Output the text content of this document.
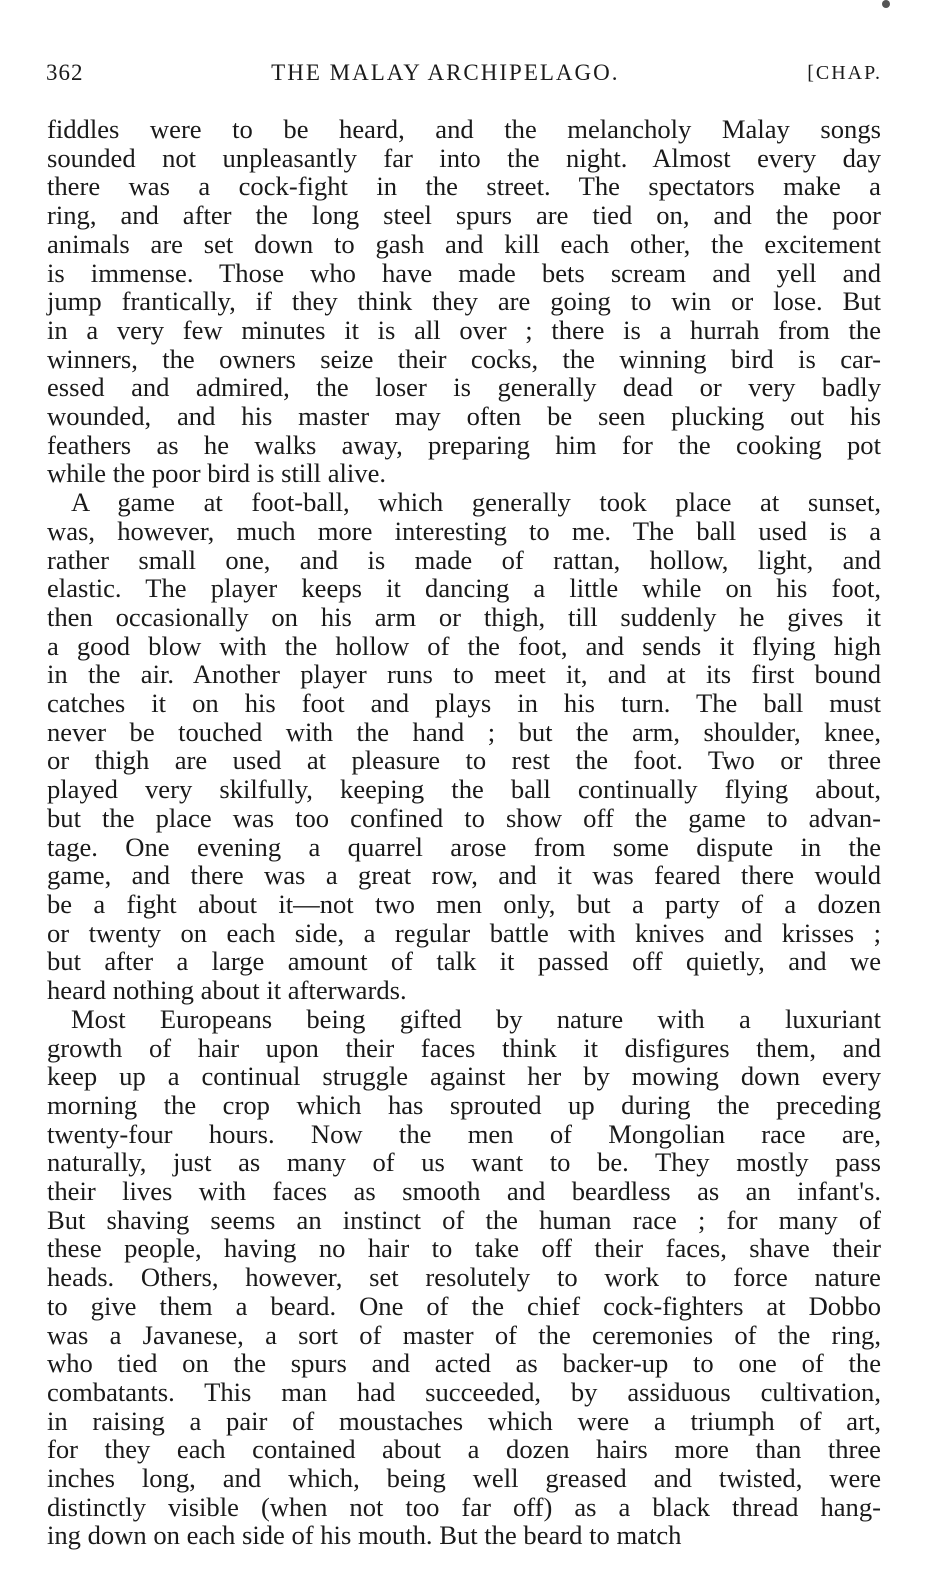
362	THE MALAY ARCHIPELAGO.	[CHAP.
fiddles were to be heard, and the melancholy Malay songs
sounded not unpleasantly far into the night. Almost every day
there was a cock-fight in the street. The spectators make a
ring, and after the long steel spurs are tied on, and the poor
animals are set down to gash and kill each other, the excitement
is immense. Those who have made bets scream and yell and
jump frantically, if they think they are going to win or lose. But
in a very few minutes it is all over ; there is a hurrah from the
winners, the owners seize their cocks, the winning bird is car-
essed and admired, the loser is generally dead or very badly
wounded, and his master may often be seen plucking out his
feathers as he walks away, preparing him for the cooking pot
while the poor bird is still alive.
A game at foot-ball, which generally took place at sunset,
was, however, much more interesting to me. The ball used is a
rather small one, and is made of rattan, hollow, light, and
elastic. The player keeps it dancing a little while on his foot,
then occasionally on his arm or thigh, till suddenly he gives it
a good blow with the hollow of the foot, and sends it flying high
in the air. Another player runs to meet it, and at its first bound
catches it on his foot and plays in his turn. The ball must
never be touched with the hand ; but the arm, shoulder, knee,
or thigh are used at pleasure to rest the foot. Two or three
played very skilfully, keeping the ball continually flying about,
but the place was too confined to show off the game to advan-
tage. One evening a quarrel arose from some dispute in the
game, and there was a great row, and it was feared there would
be a fight about it—not two men only, but a party of a dozen
or twenty on each side, a regular battle with knives and krisses ;
but after a large amount of talk it passed off quietly, and we
heard nothing about it afterwards.
Most Europeans being gifted by nature with a luxuriant
growth of hair upon their faces think it disfigures them, and
keep up a continual struggle against her by mowing down every
morning the crop which has sprouted up during the preceding
twenty-four hours. Now the men of Mongolian race are,
naturally, just as many of us want to be. They mostly pass
their lives with faces as smooth and beardless as an infant's.
But shaving seems an instinct of the human race ; for many of
these people, having no hair to take off their faces, shave their
heads. Others, however, set resolutely to work to force nature
to give them a beard. One of the chief cock-fighters at Dobbo
was a Javanese, a sort of master of the ceremonies of the ring,
who tied on the spurs and acted as backer-up to one of the
combatants. This man had succeeded, by assiduous cultivation,
in raising a pair of moustaches which were a triumph of art,
for they each contained about a dozen hairs more than three
inches long, and which, being well greased and twisted, were
distinctly visible (when not too far off) as a black thread hang-
ing down on each side of his mouth. But the beard to match
